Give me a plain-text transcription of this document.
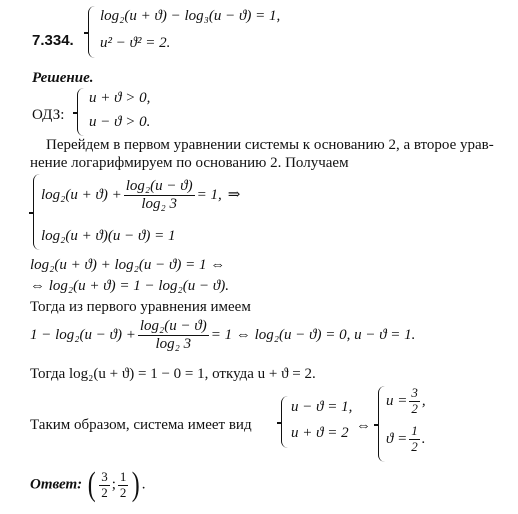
7.334.
log₂(u + ϑ) − log₃(u − ϑ) = 1,
u² − ϑ² = 2.
Решение.
ОДЗ:
u + ϑ > 0,
u − ϑ > 0.
Перейдем в первом уравнении системы к основанию 2, а второе урав-
нение логарифмируем по основанию 2. Получаем
$\log_2(u + ϑ) + \frac{\text{log₂(u − ϑ)}}{\text{log₂ 3}} = 1$, ⇒
log₂(u + ϑ)(u − ϑ) = 1
log₂(u + ϑ) + log₂(u − ϑ) = 1 ⇔
⇔ log₂(u + ϑ) = 1 − log₂(u − ϑ).
Тогда из первого уравнения имеем
$1 - \log_2(u - ϑ) + \frac{\text{log₂(u − ϑ)}}{\text{log₂ 3}} = 1$ ⇔ log₂(u − ϑ) = 0, u − ϑ = 1.
Тогда log₂(u + ϑ) = 1 − 0 = 1, откуда u + ϑ = 2.
Таким образом, система имеет вид
u − ϑ = 1,
u + ϑ = 2 ⇔
$u = \frac{3}{2}$ ,
$ϑ = \frac{1}{2}$ .
Ответ: ( $\frac{3}{2}$ ; $\frac{1}{2}$ ) .
